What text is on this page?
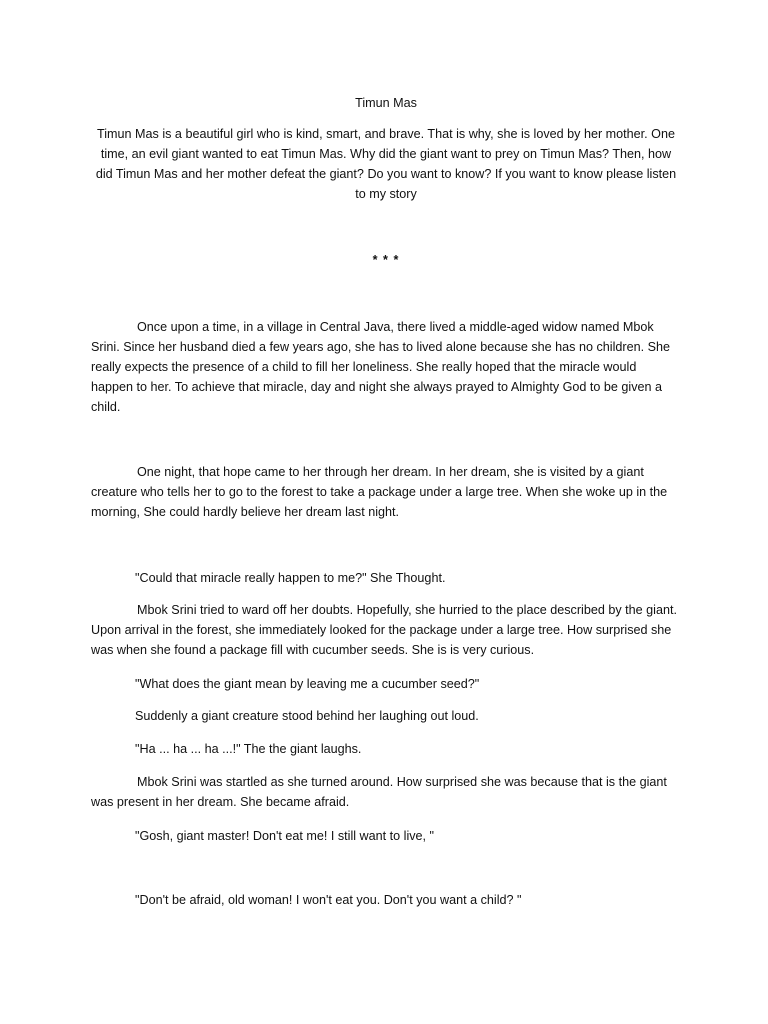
Timun Mas

Timun Mas is a beautiful girl who is kind, smart, and brave. That is why, she is loved by her mother. One time, an evil giant wanted to eat Timun Mas. Why did the giant want to prey on Timun Mas? Then, how did Timun Mas and her mother defeat the giant? Do you want to know? If you want to know please listen to my story

* * *

Once upon a time, in a village in Central Java, there lived a middle-aged widow named Mbok Srini. Since her husband died a few years ago, she has to lived alone because she has no children. She really expects the presence of a child to fill her loneliness. She really hoped that the miracle would happen to her. To achieve that miracle, day and night she always prayed to Almighty God to be given a child.

One night, that hope came to her through her dream. In her dream, she is visited by a giant creature who tells her to go to the forest to take a package under a large tree. When she woke up in the morning, She could hardly believe her dream last night.

"Could that miracle really happen to me?" She Thought.

Mbok Srini tried to ward off her doubts. Hopefully, she hurried to the place described by the giant. Upon arrival in the forest, she immediately looked for the package under a large tree. How surprised she was when she found a package fill with cucumber seeds. She is is very curious.

"What does the giant mean by leaving me a cucumber seed?"

Suddenly a giant creature stood behind her laughing out loud.

"Ha ... ha ... ha ...!" The the giant laughs.

Mbok Srini was startled as she turned around. How surprised she was because that is the giant was present in her dream. She became afraid.

"Gosh, giant master! Don't eat me! I still want to live, "

"Don't be afraid, old woman! I won't eat you. Don't you want a child? "
